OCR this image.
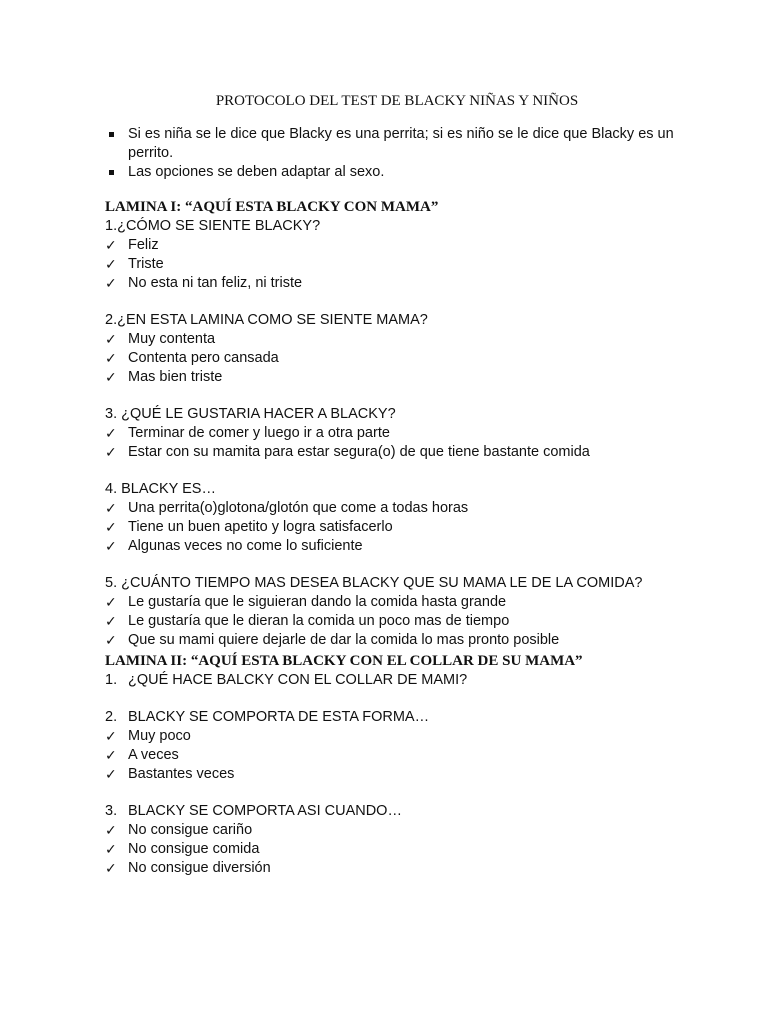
PROTOCOLO DEL TEST DE BLACKY NIÑAS Y NIÑOS

Si es niña se le dice que Blacky es una perrita; si es niño se le dice que Blacky es un perrito.
Las opciones se deben adaptar al sexo.

LAMINA I: “AQUÍ ESTA BLACKY CON MAMA”

1.¿CÓMO SE SIENTE BLACKY?

✓ Feliz
✓ Triste
✓ No esta ni tan feliz, ni triste

2.¿EN ESTA LAMINA COMO SE SIENTE MAMA?

✓ Muy contenta
✓ Contenta pero cansada
✓ Mas bien triste

3. ¿QUÉ LE GUSTARIA HACER A BLACKY?

✓ Terminar de comer y luego ir a otra parte
✓ Estar con su mamita para estar segura(o) de que tiene bastante comida

4. BLACKY ES…

✓ Una perrita(o)glotona/glotón que come a todas horas
✓ Tiene un buen apetito y logra satisfacerlo
✓ Algunas veces no come lo suficiente

5. ¿CUÁNTO TIEMPO MAS DESEA BLACKY QUE SU MAMA LE DE LA COMIDA?

✓ Le gustaría que le siguieran dando la comida hasta grande
✓ Le gustaría que le dieran la comida un poco mas de tiempo
✓ Que su mami quiere dejarle de dar la comida lo mas pronto posible

LAMINA II: “AQUÍ ESTA BLACKY CON EL COLLAR DE SU MAMA”

1. ¿QUÉ HACE BALCKY CON EL COLLAR DE MAMI?

2. BLACKY SE COMPORTA DE ESTA FORMA…

✓ Muy poco
✓ A veces
✓ Bastantes veces

3. BLACKY SE COMPORTA ASI CUANDO…

✓ No consigue cariño
✓ No consigue comida
✓ No consigue diversión
